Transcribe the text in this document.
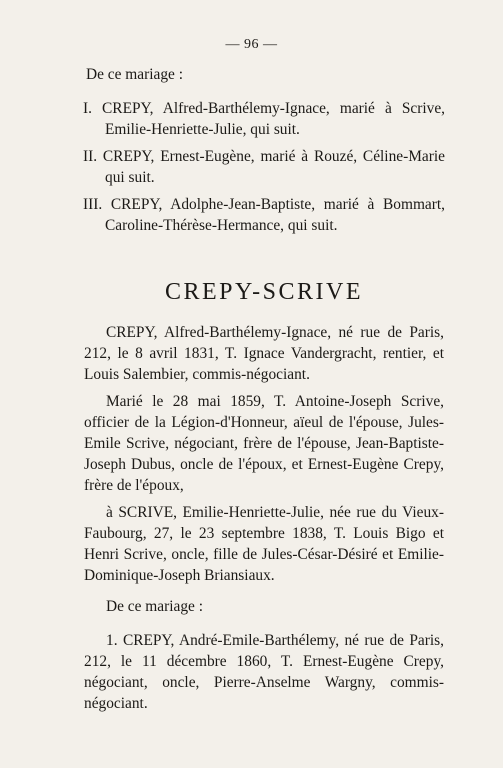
— 96 —
De ce mariage :
I. CREPY, Alfred-Barthélemy-Ignace, marié à Scrive, Emilie-Henriette-Julie, qui suit.
II. CREPY, Ernest-Eugène, marié à Rouzé, Céline-Marie qui suit.
III. CREPY, Adolphe-Jean-Baptiste, marié à Bommart, Caroline-Thérèse-Hermance, qui suit.
CREPY-SCRIVE
CREPY, Alfred-Barthélemy-Ignace, né rue de Paris, 212, le 8 avril 1831, T. Ignace Vandergracht, rentier, et Louis Salembier, commis-négociant.
Marié le 28 mai 1859, T. Antoine-Joseph Scrive, officier de la Légion-d'Honneur, aïeul de l'épouse, Jules-Emile Scrive, négociant, frère de l'épouse, Jean-Baptiste-Joseph Dubus, oncle de l'époux, et Ernest-Eugène Crepy, frère de l'époux,
à SCRIVE, Emilie-Henriette-Julie, née rue du Vieux-Faubourg, 27, le 23 septembre 1838, T. Louis Bigo et Henri Scrive, oncle, fille de Jules-César-Désiré et Emilie-Dominique-Joseph Briansiaux.
De ce mariage :
1. CREPY, André-Emile-Barthélemy, né rue de Paris, 212, le 11 décembre 1860, T. Ernest-Eugène Crepy, négociant, oncle, Pierre-Anselme Wargny, commis-négociant.
